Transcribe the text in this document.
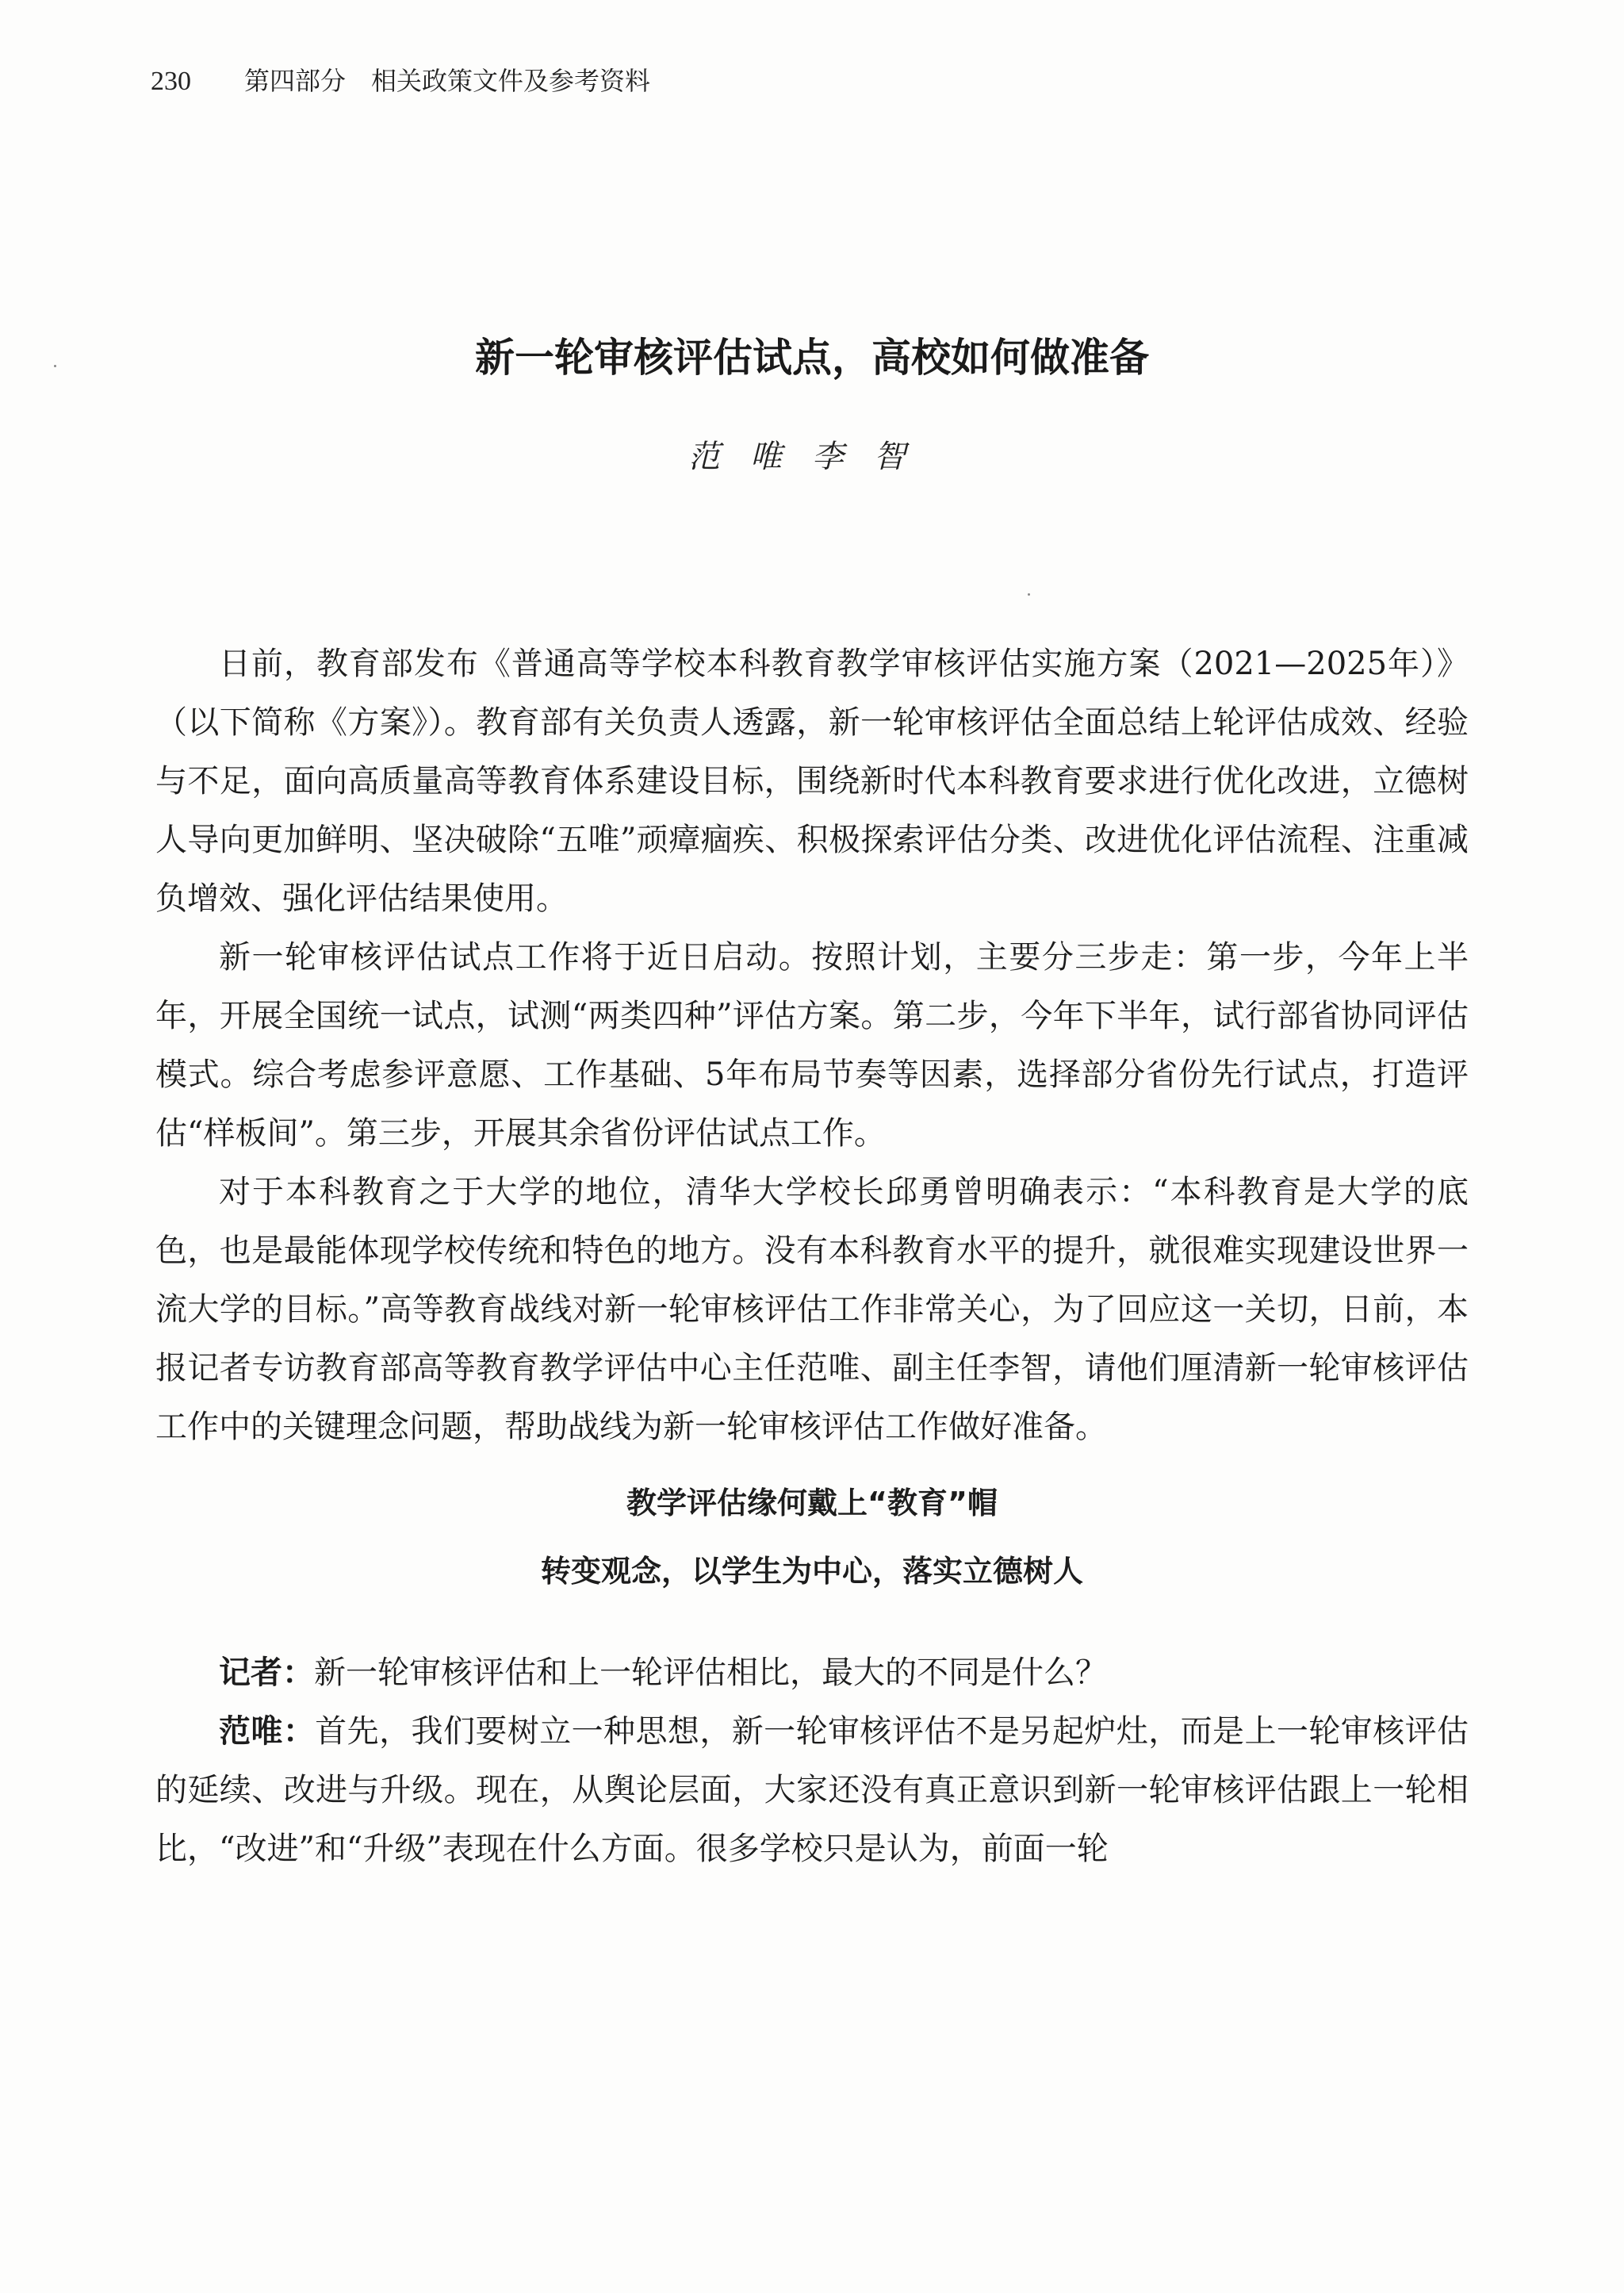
230 第四部分　相关政策文件及参考资料
新一轮审核评估试点，高校如何做准备
范唯李智

日前，教育部发布《普通高等学校本科教育教学审核评估实施方案（2021—2025年）》（以下简称《方案》）。教育部有关负责人透露，新一轮审核评估全面总结上轮评估成效、经验与不足，面向高质量高等教育体系建设目标，围绕新时代本科教育要求进行优化改进，立德树人导向更加鲜明、坚决破除“五唯”顽瘴痼疾、积极探索评估分类、改进优化评估流程、注重减负增效、强化评估结果使用。

新一轮审核评估试点工作将于近日启动。按照计划，主要分三步走：第一步，今年上半年，开展全国统一试点，试测“两类四种”评估方案。第二步，今年下半年，试行部省协同评估模式。综合考虑参评意愿、工作基础、5年布局节奏等因素，选择部分省份先行试点，打造评估“样板间”。第三步，开展其余省份评估试点工作。

对于本科教育之于大学的地位，清华大学校长邱勇曾明确表示：“本科教育是大学的底色，也是最能体现学校传统和特色的地方。没有本科教育水平的提升，就很难实现建设世界一流大学的目标。”高等教育战线对新一轮审核评估工作非常关心，为了回应这一关切，日前，本报记者专访教育部高等教育教学评估中心主任范唯、副主任李智，请他们厘清新一轮审核评估工作中的关键理念问题，帮助战线为新一轮审核评估工作做好准备。

教学评估缘何戴上“教育”帽

转变观念，以学生为中心，落实立德树人

记者：新一轮审核评估和上一轮评估相比，最大的不同是什么？

范唯：首先，我们要树立一种思想，新一轮审核评估不是另起炉灶，而是上一轮审核评估的延续、改进与升级。现在，从舆论层面，大家还没有真正意识到新一轮审核评估跟上一轮相比，“改进”和“升级”表现在什么方面。很多学校只是认为，前面一轮
